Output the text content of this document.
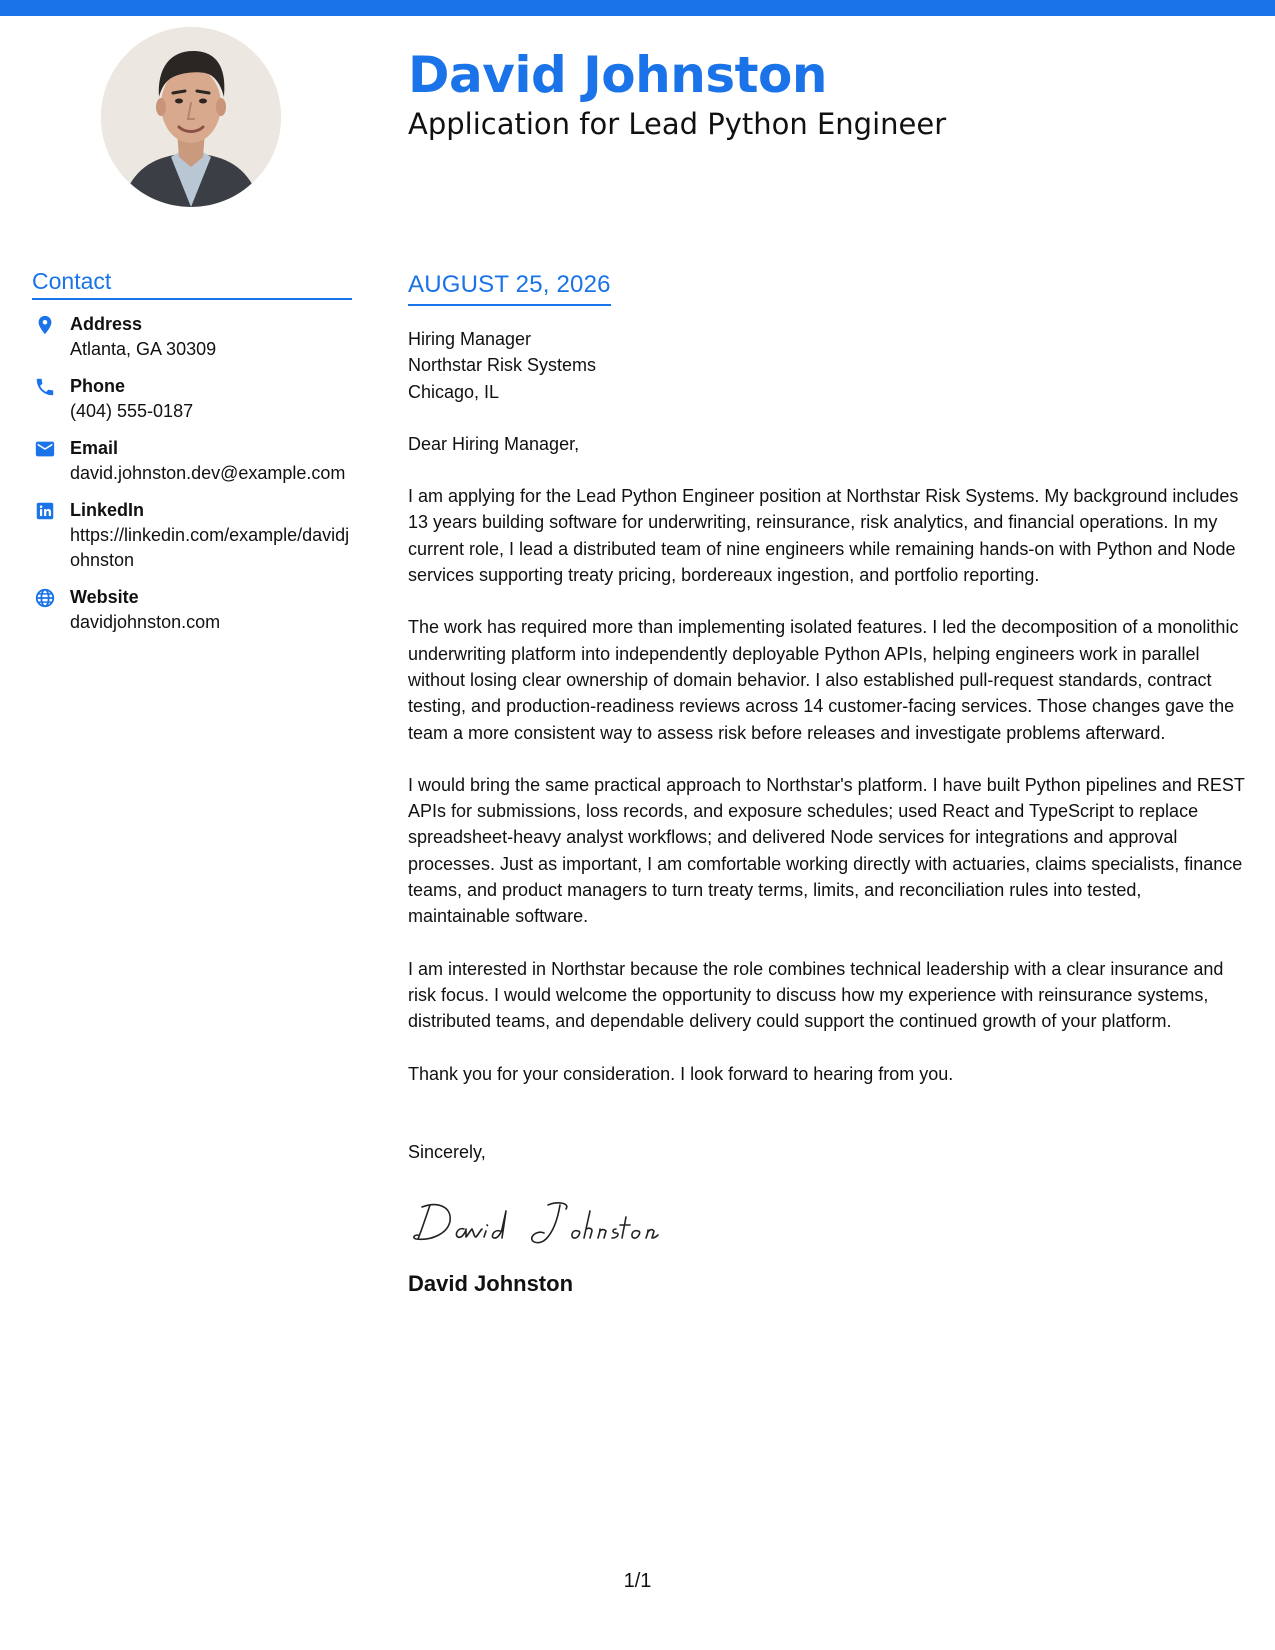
David Johnston
Application for Lead Python Engineer
Contact
Address
Atlanta, GA 30309
Phone
(404) 555-0187
Email
david.johnston.dev@example.com
LinkedIn
https://linkedin.com/example/davidjohnston
Website
davidjohnston.com
AUGUST 25, 2026
Hiring Manager
Northstar Risk Systems
Chicago, IL
Dear Hiring Manager,
I am applying for the Lead Python Engineer position at Northstar Risk Systems. My background includes 13 years building software for underwriting, reinsurance, risk analytics, and financial operations. In my current role, I lead a distributed team of nine engineers while remaining hands-on with Python and Node services supporting treaty pricing, bordereaux ingestion, and portfolio reporting.
The work has required more than implementing isolated features. I led the decomposition of a monolithic underwriting platform into independently deployable Python APIs, helping engineers work in parallel without losing clear ownership of domain behavior. I also established pull-request standards, contract testing, and production-readiness reviews across 14 customer-facing services. Those changes gave the team a more consistent way to assess risk before releases and investigate problems afterward.
I would bring the same practical approach to Northstar's platform. I have built Python pipelines and REST APIs for submissions, loss records, and exposure schedules; used React and TypeScript to replace spreadsheet-heavy analyst workflows; and delivered Node services for integrations and approval processes. Just as important, I am comfortable working directly with actuaries, claims specialists, finance teams, and product managers to turn treaty terms, limits, and reconciliation rules into tested, maintainable software.
I am interested in Northstar because the role combines technical leadership with a clear insurance and risk focus. I would welcome the opportunity to discuss how my experience with reinsurance systems, distributed teams, and dependable delivery could support the continued growth of your platform.
Thank you for your consideration. I look forward to hearing from you.
Sincerely,
David Johnston
1/1
